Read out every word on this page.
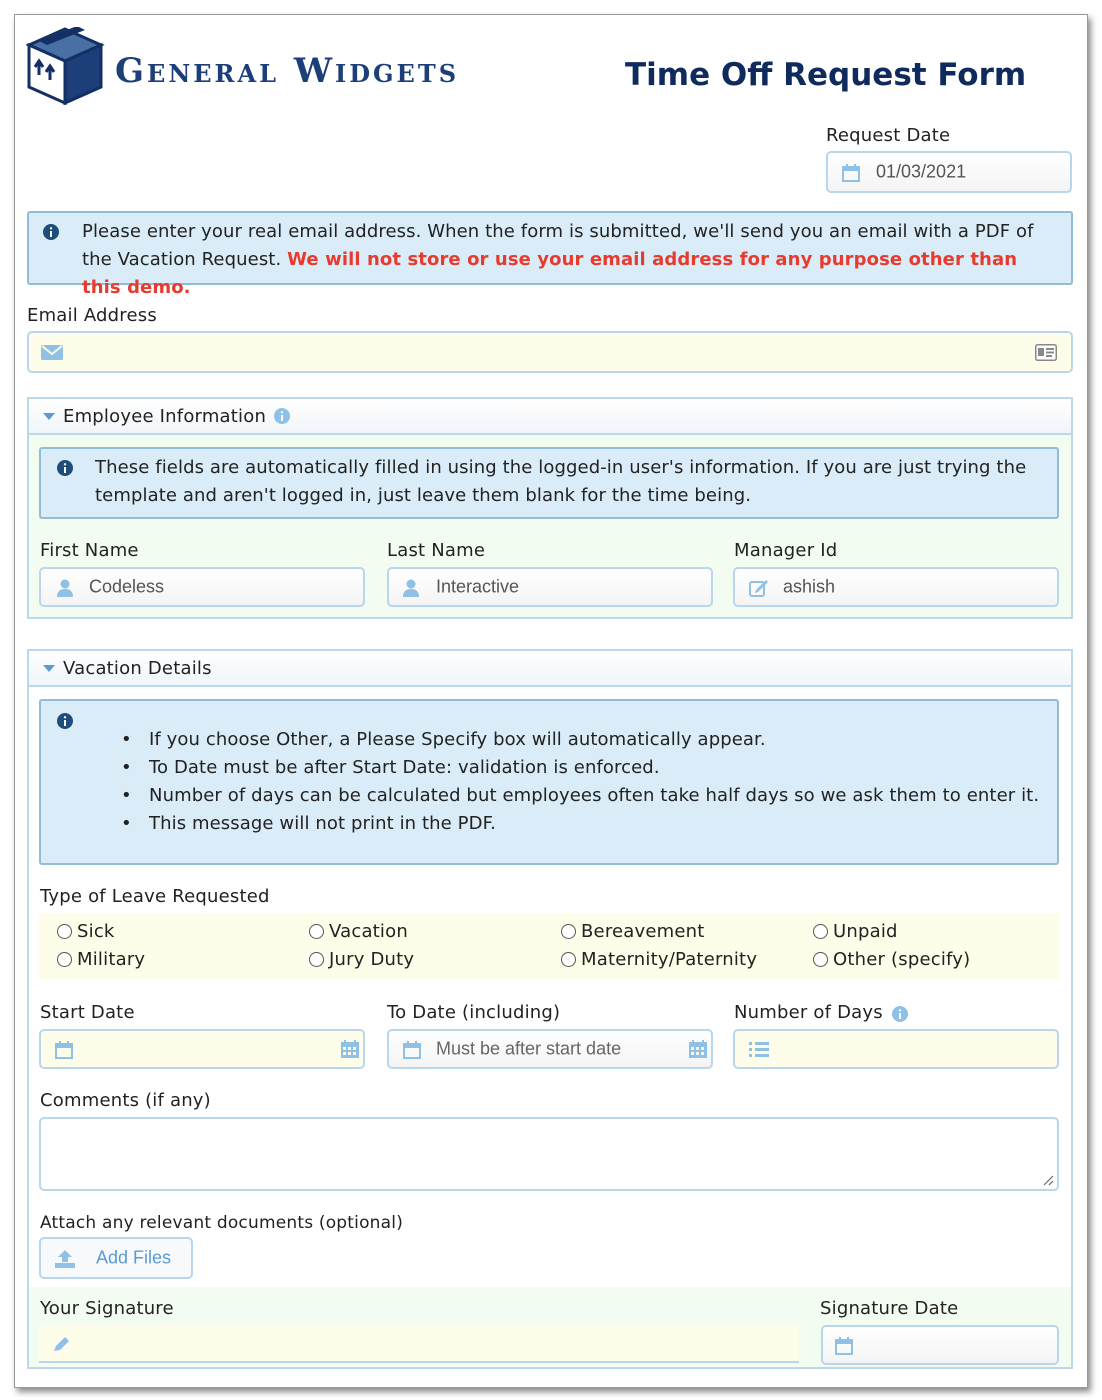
General Widgets	Time Off Request Form
Request Date
01/03/2021
Please enter your real email address. When the form is submitted, we'll send you an email with a PDF of the Vacation Request. We will not store or use your email address for any purpose other than this demo.
Email Address
Employee Information
These fields are automatically filled in using the logged-in user's information. If you are just trying the template and aren't logged in, just leave them blank for the time being.
First Name
Codeless
Last Name
Interactive
Manager Id
ashish
Vacation Details
• If you choose Other, a Please Specify box will automatically appear.
• To Date must be after Start Date: validation is enforced.
• Number of days can be calculated but employees often take half days so we ask them to enter it.
• This message will not print in the PDF.
Type of Leave Requested
Sick	Vacation	Bereavement	Unpaid
Military	Jury Duty	Maternity/Paternity	Other (specify)
Start Date	To Date (including)
Must be after start date
Number of Days
Comments (if any)
Attach any relevant documents (optional)
Add Files
Your Signature	Signature Date
